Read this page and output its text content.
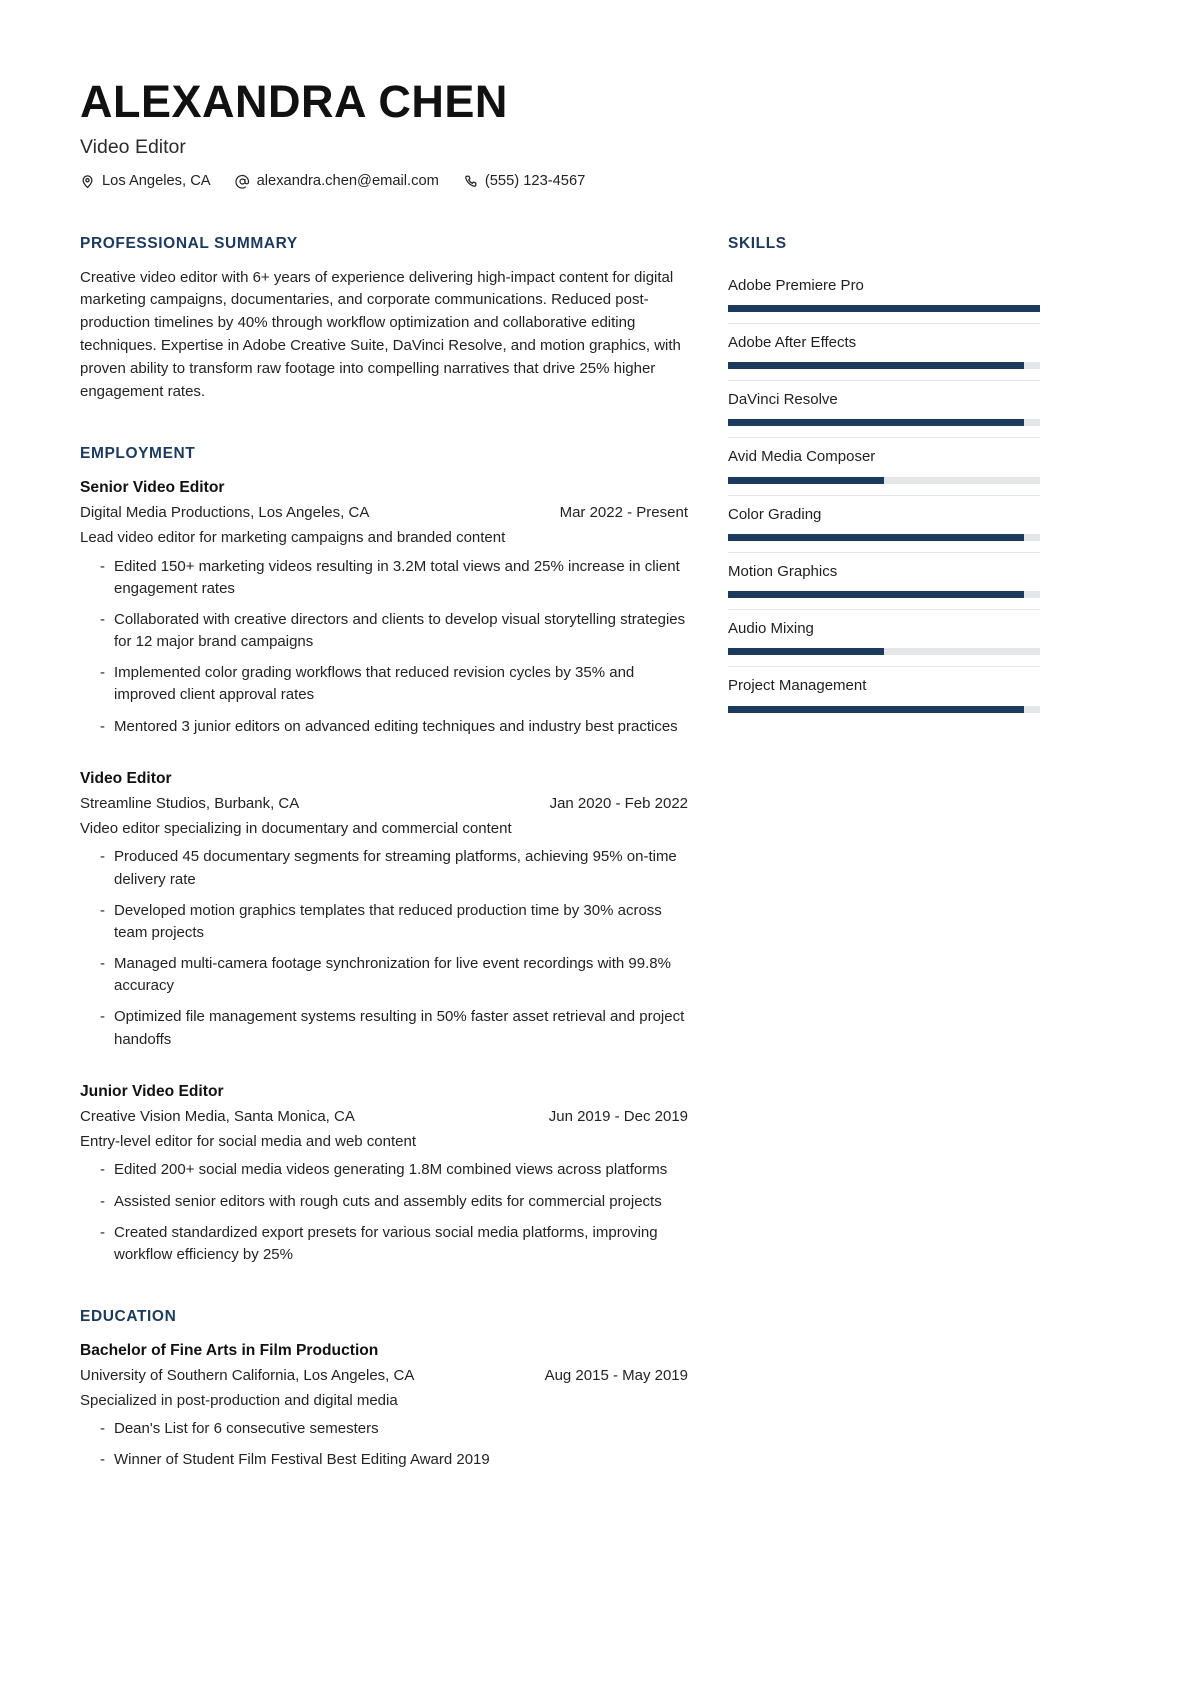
ALEXANDRA CHEN
Video Editor
Los Angeles, CA	alexandra.chen@email.com	(555) 123-4567
PROFESSIONAL SUMMARY
Creative video editor with 6+ years of experience delivering high-impact content for digital marketing campaigns, documentaries, and corporate communications. Reduced post-production timelines by 40% through workflow optimization and collaborative editing techniques. Expertise in Adobe Creative Suite, DaVinci Resolve, and motion graphics, with proven ability to transform raw footage into compelling narratives that drive 25% higher engagement rates.
EMPLOYMENT
Senior Video Editor
Digital Media Productions, Los Angeles, CA	Mar 2022 - Present
Lead video editor for marketing campaigns and branded content
- Edited 150+ marketing videos resulting in 3.2M total views and 25% increase in client engagement rates
- Collaborated with creative directors and clients to develop visual storytelling strategies for 12 major brand campaigns
- Implemented color grading workflows that reduced revision cycles by 35% and improved client approval rates
- Mentored 3 junior editors on advanced editing techniques and industry best practices
Video Editor
Streamline Studios, Burbank, CA	Jan 2020 - Feb 2022
Video editor specializing in documentary and commercial content
- Produced 45 documentary segments for streaming platforms, achieving 95% on-time delivery rate
- Developed motion graphics templates that reduced production time by 30% across team projects
- Managed multi-camera footage synchronization for live event recordings with 99.8% accuracy
- Optimized file management systems resulting in 50% faster asset retrieval and project handoffs
Junior Video Editor
Creative Vision Media, Santa Monica, CA	Jun 2019 - Dec 2019
Entry-level editor for social media and web content
- Edited 200+ social media videos generating 1.8M combined views across platforms
- Assisted senior editors with rough cuts and assembly edits for commercial projects
- Created standardized export presets for various social media platforms, improving workflow efficiency by 25%
EDUCATION
Bachelor of Fine Arts in Film Production
University of Southern California, Los Angeles, CA	Aug 2015 - May 2019
Specialized in post-production and digital media
- Dean's List for 6 consecutive semesters
- Winner of Student Film Festival Best Editing Award 2019
SKILLS
Adobe Premiere Pro
Adobe After Effects
DaVinci Resolve
Avid Media Composer
Color Grading
Motion Graphics
Audio Mixing
Project Management
